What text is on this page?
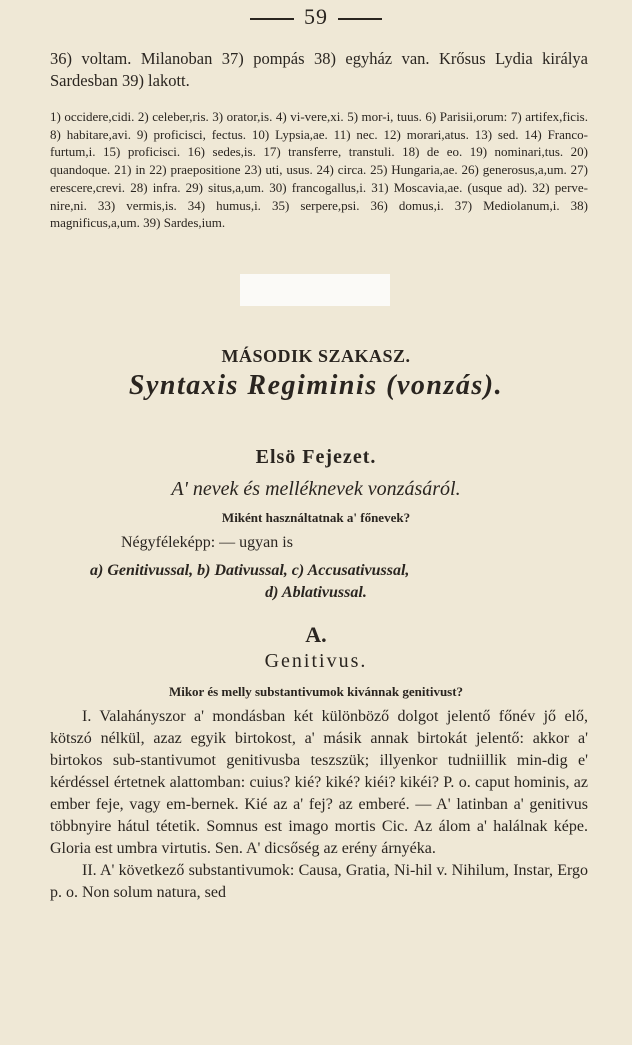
59
36) voltam. Milanoban 37) pompás 38) egyház van. Krősus Lydia királya Sardesban 39) lakott.
1) occidere,cidi. 2) celeber,ris. 3) orator,is. 4) vi-vere,xi. 5) mor-i, tuus. 6) Parisii,orum: 7) artifex,ficis. 8) habitare,avi. 9) proficisci, fectus. 10) Lypsia,ae. 11) nec. 12) morari,atus. 13) sed. 14) Franco-furtum,i. 15) proficisci. 16) sedes,is. 17) transferre, transtuli. 18) de eo. 19) nominari,tus. 20) quandoque. 21) in 22) praepositione 23) uti, usus. 24) circa. 25) Hungaria,ae. 26) generosus,a,um. 27) erescere,crevi. 28) infra. 29) situs,a,um. 30) francogallus,i. 31) Moscavia,ae. (usque ad). 32) perve-nire,ni. 33) vermis,is. 34) humus,i. 35) serpere,psi. 36) domus,i. 37) Mediolanum,i. 38) magnificus,a,um. 39) Sardes,ium.
MÁSODIK SZAKASZ.
Syntaxis Regiminis (vonzás).
Elsö Fejezet.
A' nevek és melléknevek vonzásáról.
Miként használtatnak a' főnevek?
Négyféleképp: — ugyan is
a) Genitivussal, b) Dativussal, c) Accusativussal,
d) Ablativussal.
A.
Genitivus.
Mikor és melly substantivumok kivánnak genitivust?

I. Valahányszor a' mondásban két különböző dolgot jelentő főnév jő elő, kötszó nélkül, azaz egyik birtokost, a' másik annak birtokát jelentő: akkor a' birtokos sub-stantivumot genitivusba teszszük; illyenkor tudniillik min-dig e' kérdéssel értetnek alattomban: cuius? kié? kiké? kiéi? kikéi? P. o. caput hominis, az ember feje, vagy em-bernek. Kié az a' fej? az emberé. — A' latinban a' genitivus többnyire hátul tétetik. Somnus est imago mortis Cic. Az álom a' halálnak képe. Gloria est umbra virtutis. Sen. A' dicsőség az erény árnyéka.

II. A' következő substantivumok: Causa, Gratia, Ni-hil v. Nihilum, Instar, Ergo p. o. Non solum natura, sed
